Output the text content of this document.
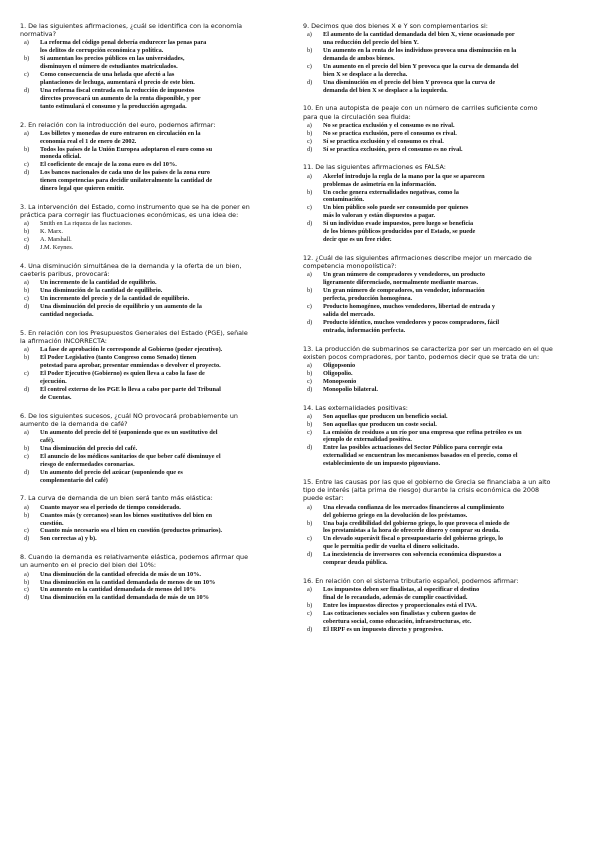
1. De las siguientes afirmaciones, ¿cuál se identifica con la economía
normativa?
a)	La reforma del código penal debería endurecer las penas para
los delitos de corrupción económica y política.
b)	Si aumentan los precios públicos en las universidades,
disminuyen el número de estudiantes matriculados.
c)	Como consecuencia de una helada que afectó a las
plantaciones de lechuga, aumentará el precio de este bien.
d)	Una reforma fiscal centrada en la reducción de impuestos
directos provocará un aumento de la renta disponible, y por
tanto estimulará el consumo y la producción agregada.
2. En relación con la introducción del euro, podemos afirmar:
a)	Los billetes y monedas de euro entraron en circulación en la
economía real el 1 de enero de 2002.
b)	Todos los países de la Unión Europea adoptaron el euro como su
moneda oficial.
c)	El coeficiente de encaje de la zona euro es del 10%.
d)	Los bancos nacionales de cada uno de los países de la zona euro
tienen competencias para decidir unilateralmente la cantidad de
dinero legal que quieren emitir.
3. La intervención del Estado, como instrumento que se ha de poner en
práctica para corregir las fluctuaciones económicas, es una idea de:
a)	Smith en La riqueza de las naciones.
b)	K. Marx.
c)	A. Marshall.
d)	J.M. Keynes.
4. Una disminución simultánea de la demanda y la oferta de un bien,
caeteris paribus, provocará:
a)	Un incremento de la cantidad de equilibrio.
b)	Una disminución de la cantidad de equilibrio.
c)	Un incremento del precio y de la cantidad de equilibrio.
d)	Una disminución del precio de equilibrio y un aumento de la
cantidad negociada.
5. En relación con los Presupuestos Generales del Estado (PGE), señale
la afirmación INCORRECTA:
a)	La fase de aprobación le corresponde al Gobierno (poder ejecutivo).
b)	El Poder Legislativo (tanto Congreso como Senado) tienen
potestad para aprobar, presentar enmiendas o devolver el proyecto.
c)	El Poder Ejecutivo (Gobierno) es quien lleva a cabo la fase de
ejecución.
d)	El control externo de los PGE lo lleva a cabo por parte del Tribunal
de Cuentas.
6. De los siguientes sucesos, ¿cuál NO provocará probablemente un
aumento de la demanda de café?
a)	Un aumento del precio del té (suponiendo que es un sustitutivo del
café).
b)	Una disminución del precio del café.
c)	El anuncio de los médicos sanitarios de que beber café disminuye el
riesgo de enfermedades coronarias.
d)	Un aumento del precio del azúcar (suponiendo que es
complementario del café)
7. La curva de demanda de un bien será tanto más elástica:
a)	Cuanto mayor sea el periodo de tiempo considerado.
b)	Cuantos más (y cercanos) sean los bienes sustitutivos del bien en
cuestión.
c)	Cuanto más necesario sea el bien en cuestión (productos primarios).
d)	Son correctas a) y b).
8. Cuando la demanda es relativamente elástica, podemos afirmar que
un aumento en el precio del bien del 10%:
a)	Una disminución de la cantidad ofrecida de más de un 10%.
b)	Una disminución en la cantidad demandada de menos de un 10%
c)	Un aumento en la cantidad demandada de menos del 10%
d)	Una disminución en la cantidad demandada de más de un 10%
9. Decimos que dos bienes X e Y son complementarios si:
a)	El aumento de la cantidad demandada del bien X, viene ocasionado por
una reducción del precio del bien Y.
b)	Un aumento en la renta de los individuos provoca una disminución en la
demanda de ambos bienes.
c)	Un aumento en el precio del bien Y provoca que la curva de demanda del
bien X se desplace a la derecha.
d)	Una disminución en el precio del bien Y provoca que la curva de
demanda del bien X se desplace a la izquierda.
10. En una autopista de peaje con un número de carriles suficiente como
para que la circulación sea fluida:
a)	No se practica exclusión y el consumo es no rival.
b)	No se practica exclusión, pero el consumo es rival.
c)	Sí se practica exclusión y el consumo es rival.
d)	Sí se practica exclusión, pero el consumo es no rival.
11. De las siguientes afirmaciones es FALSA:
a)	Akerlof introdujo la regla de la mano por la que se aparecen
problemas de asimetría en la información.
b)	Un coche genera externalidades negativas, como la
contaminación.
c)	Un bien público solo puede ser consumido por quienes
más lo valoran y están dispuestos a pagar.
d)	Si un individuo evade impuestos, pero luego se beneficia
de los bienes públicos producidos por el Estado, se puede
decir que es un free rider.
12. ¿Cuál de las siguientes afirmaciones describe mejor un mercado de
competencia monopolística?:
a)	Un gran número de compradores y vendedores, un producto
ligeramente diferenciado, normalmente mediante marcas.
b)	Un gran número de compradores, un vendedor, información
perfecta, producción homogénea.
c)	Producto homogéneo, muchos vendedores, libertad de entrada y
salida del mercado.
d)	Producto idéntico, muchos vendedores y pocos compradores, fácil
entrada, información perfecta.
13. La producción de submarinos se caracteriza por ser un mercado en el que
existen pocos compradores, por tanto, podemos decir que se trata de un:
a)	Oligopsonio
b)	Oligopolio.
c)	Monopsonio
d)	Monopolio bilateral.
14. Las externalidades positivas:
a)	Son aquellas que producen un beneficio social.
b)	Son aquellas que producen un coste social.
c)	La emisión de residuos a un río por una empresa que refina petróleo es un
ejemplo de externalidad positiva.
d)	Entre las posibles actuaciones del Sector Público para corregir esta
externalidad se encuentran los mecanismos basados en el precio, como el
establecimiento de un impuesto pigouviano.
15. Entre las causas por las que el gobierno de Grecia se financiaba a un alto
tipo de interés (alta prima de riesgo) durante la crisis económica de 2008
puede estar:
a)	Una elevada confianza de los mercados financieros al cumplimiento
del gobierno griego en la devolución de los préstamos.
b)	Una baja credibilidad del gobierno griego, lo que provoca el miedo de
los prestamistas a la hora de ofrecerle dinero y comprar su deuda.
c)	Un elevado superávit fiscal o presupuestario del gobierno griego, lo
que le permitía pedir de vuelta el dinero solicitado.
d)	La inexistencia de inversores con solvencia económica dispuestos a
comprar deuda pública.
16. En relación con el sistema tributario español, podemos afirmar:
a)	Los impuestos deben ser finalistas, al especificar el destino
final de lo recaudado, además de cumplir coactividad.
b)	Entre los impuestos directos y proporcionales está el IVA.
c)	Las cotizaciones sociales son finalistas y cubren gastos de
cobertura social, como educación, infraestructuras, etc.
d)	El IRPF es un impuesto directo y progresivo.
